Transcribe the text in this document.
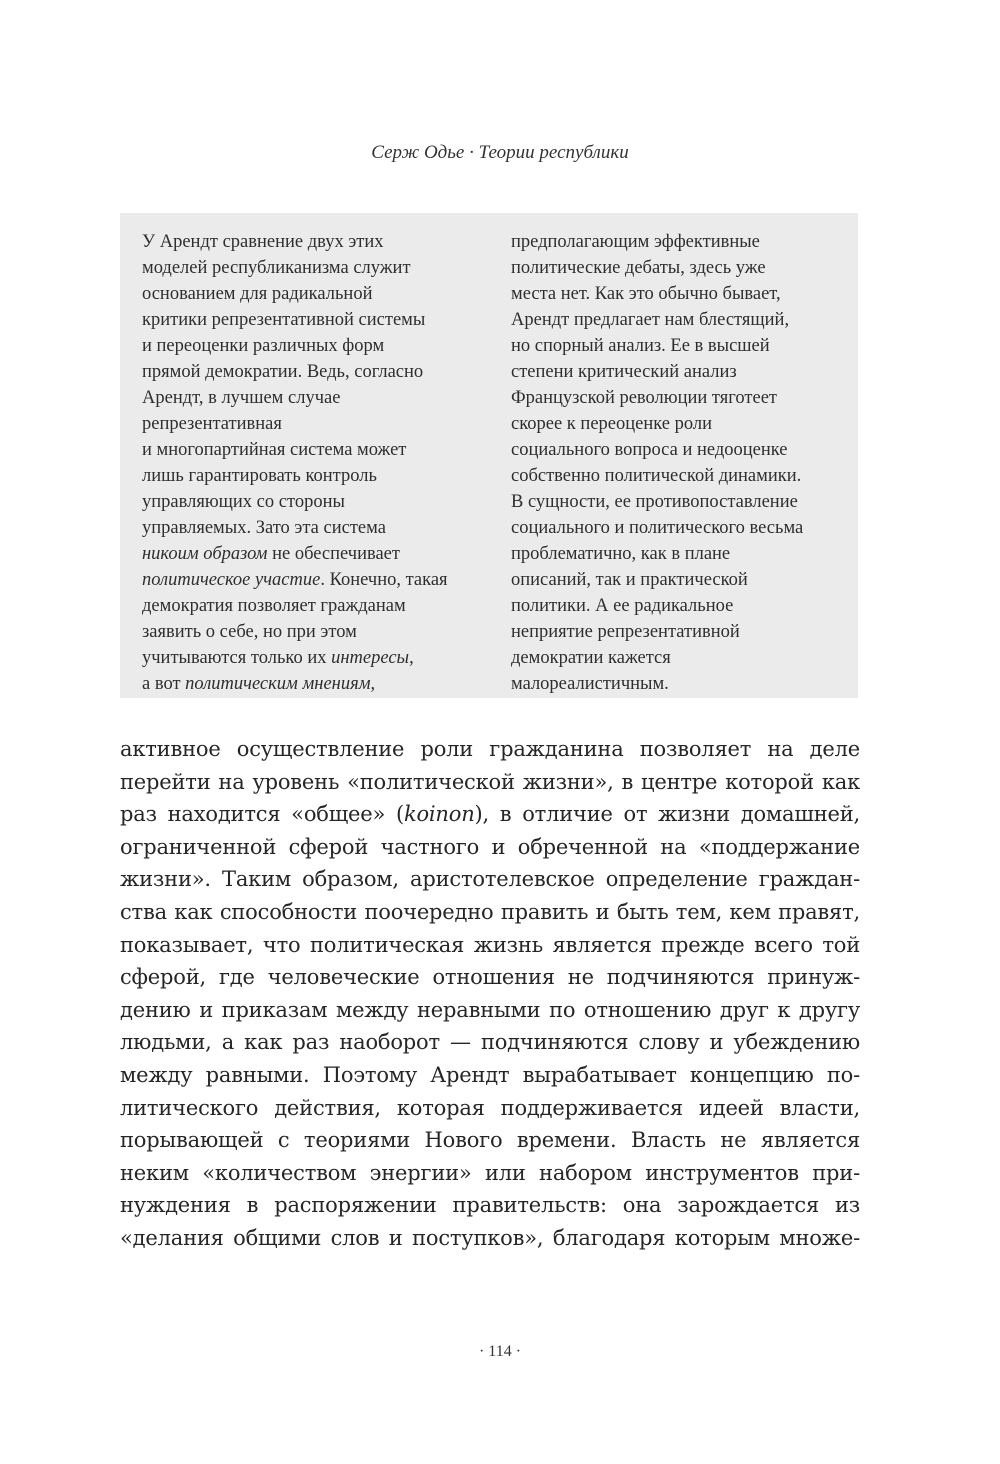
Серж Одье · Теории республики
У Арендт сравнение двух этих
моделей республиканизма служит
основанием для радикальной
критики репрезентативной системы
и переоценки различных форм
прямой демократии. Ведь, согласно
Арендт, в лучшем случае
репрезентативная
и многопартийная система может
лишь гарантировать контроль
управляющих со стороны
управляемых. Зато эта система
никоим образом не обеспечивает
политическое участие. Конечно, такая
демократия позволяет гражданам
заявить о себе, но при этом
учитываются только их интересы,
а вот политическим мнениям,
предполагающим эффективные
политические дебаты, здесь уже
места нет. Как это обычно бывает,
Арендт предлагает нам блестящий,
но спорный анализ. Ее в высшей
степени критический анализ
Французской революции тяготеет
скорее к переоценке роли
социального вопроса и недооценке
собственно политической динамики.
В сущности, ее противопоставление
социального и политического весьма
проблематично, как в плане
описаний, так и практической
политики. А ее радикальное
неприятие репрезентативной
демократии кажется
малореалистичным.
активное осуществление роли гражданина позволяет на деле
перейти на уровень «политической жизни», в центре которой как
раз находится «общее» (koinon), в отличие от жизни домашней,
ограниченной сферой частного и обреченной на «поддержание
жизни». Таким образом, аристотелевское определение граждан-
ства как способности поочередно править и быть тем, кем правят,
показывает, что политическая жизнь является прежде всего той
сферой, где человеческие отношения не подчиняются принуж-
дению и приказам между неравными по отношению друг к другу
людьми, а как раз наоборот — подчиняются слову и убеждению
между равными. Поэтому Арендт вырабатывает концепцию по-
литического действия, которая поддерживается идеей власти,
порывающей с теориями Нового времени. Власть не является
неким «количеством энергии» или набором инструментов при-
нуждения в распоряжении правительств: она зарождается из
«делания общими слов и поступков», благодаря которым множе-
· 114 ·
